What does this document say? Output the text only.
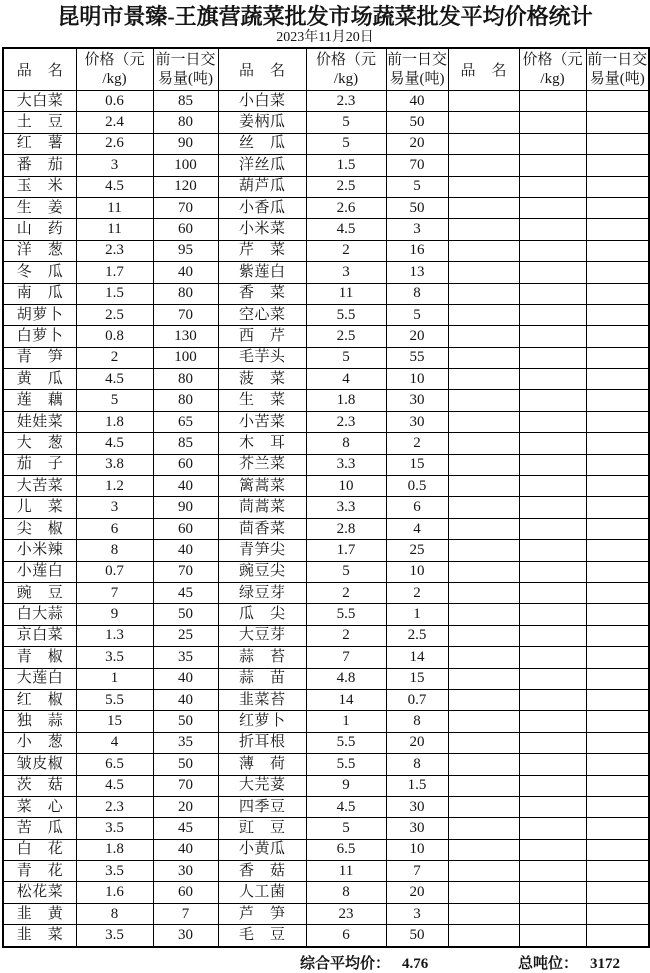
昆明市景臻-王旗营蔬菜批发市场蔬菜批发平均价格统计
2023年11月20日
品名	价格（元
/kg)	前一日交
易量(吨)	品名	价格（元
/kg)	前一日交
易量(吨)	品名	价格（元
/kg)	前一日交
易量(吨)

大白菜	0.6	85	小白菜	2.3	40			
土豆	2.4	80	姜柄瓜	5	50			
红薯	2.6	90	丝瓜	5	20			
番茄	3	100	洋丝瓜	1.5	70			
玉米	4.5	120	葫芦瓜	2.5	5			
生姜	11	70	小香瓜	2.6	50			
山药	11	60	小米菜	4.5	3			
洋葱	2.3	95	芹菜	2	16			
冬瓜	1.7	40	紫莲白	3	13			
南瓜	1.5	80	香菜	11	8			
胡萝卜	2.5	70	空心菜	5.5	5			
白萝卜	0.8	130	西芹	2.5	20			
青笋	2	100	毛芋头	5	55			
黄瓜	4.5	80	菠菜	4	10			
莲藕	5	80	生菜	1.8	30			
娃娃菜	1.8	65	小苦菜	2.3	30			
大葱	4.5	85	木耳	8	2			
茄子	3.8	60	芥兰菜	3.3	15			
大苦菜	1.2	40	篱蒿菜	10	0.5			
儿菜	3	90	茼蒿菜	3.3	6			
尖椒	6	60	茴香菜	2.8	4			
小米辣	8	40	青笋尖	1.7	25			
小莲白	0.7	70	豌豆尖	5	10			
豌豆	7	45	绿豆芽	2	2			
白大蒜	9	50	瓜尖	5.5	1			
京白菜	1.3	25	大豆芽	2	2.5			
青椒	3.5	35	蒜苔	7	14			
大莲白	1	40	蒜苗	4.8	15			
红椒	5.5	40	韭菜苔	14	0.7			
独蒜	15	50	红萝卜	1	8			
小葱	4	35	折耳根	5.5	20			
皱皮椒	6.5	50	薄荷	5.5	8			
茨菇	4.5	70	大芫荽	9	1.5			
菜心	2.3	20	四季豆	4.5	30			
苦瓜	3.5	45	豇豆	5	30			
白花	1.8	40	小黄瓜	6.5	10			
青花	3.5	30	香菇	11	7			
松花菜	1.6	60	人工菌	8	20			
韭黄	8	7	芦笋	23	3			
韭菜	3.5	30	毛豆	6	50			
综合平均价： 4.76	总吨位： 3172
